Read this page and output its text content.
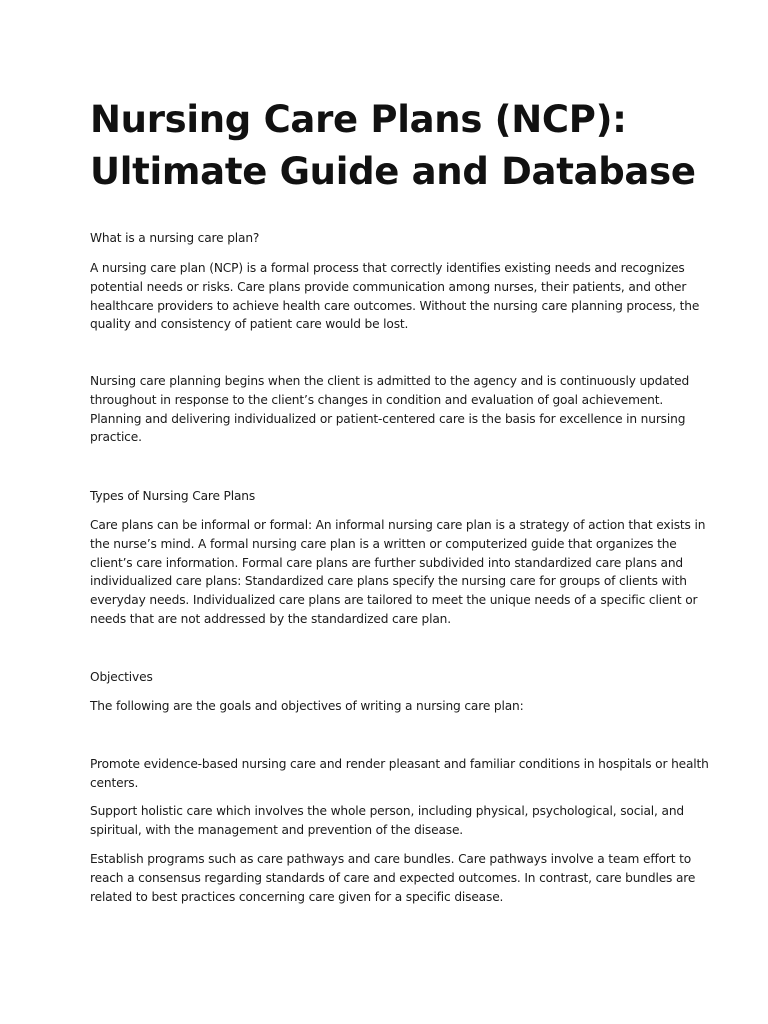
Nursing Care Plans (NCP):
Ultimate Guide and Database

What is a nursing care plan?

A nursing care plan (NCP) is a formal process that correctly identifies existing needs and recognizes
potential needs or risks. Care plans provide communication among nurses, their patients, and other
healthcare providers to achieve health care outcomes. Without the nursing care planning process, the
quality and consistency of patient care would be lost.

Nursing care planning begins when the client is admitted to the agency and is continuously updated
throughout in response to the client’s changes in condition and evaluation of goal achievement.
Planning and delivering individualized or patient-centered care is the basis for excellence in nursing
practice.

Types of Nursing Care Plans

Care plans can be informal or formal: An informal nursing care plan is a strategy of action that exists in
the nurse’s mind. A formal nursing care plan is a written or computerized guide that organizes the
client’s care information. Formal care plans are further subdivided into standardized care plans and
individualized care plans: Standardized care plans specify the nursing care for groups of clients with
everyday needs. Individualized care plans are tailored to meet the unique needs of a specific client or
needs that are not addressed by the standardized care plan.

Objectives

The following are the goals and objectives of writing a nursing care plan:

Promote evidence-based nursing care and render pleasant and familiar conditions in hospitals or health
centers.

Support holistic care which involves the whole person, including physical, psychological, social, and
spiritual, with the management and prevention of the disease.

Establish programs such as care pathways and care bundles. Care pathways involve a team effort to
reach a consensus regarding standards of care and expected outcomes. In contrast, care bundles are
related to best practices concerning care given for a specific disease.
